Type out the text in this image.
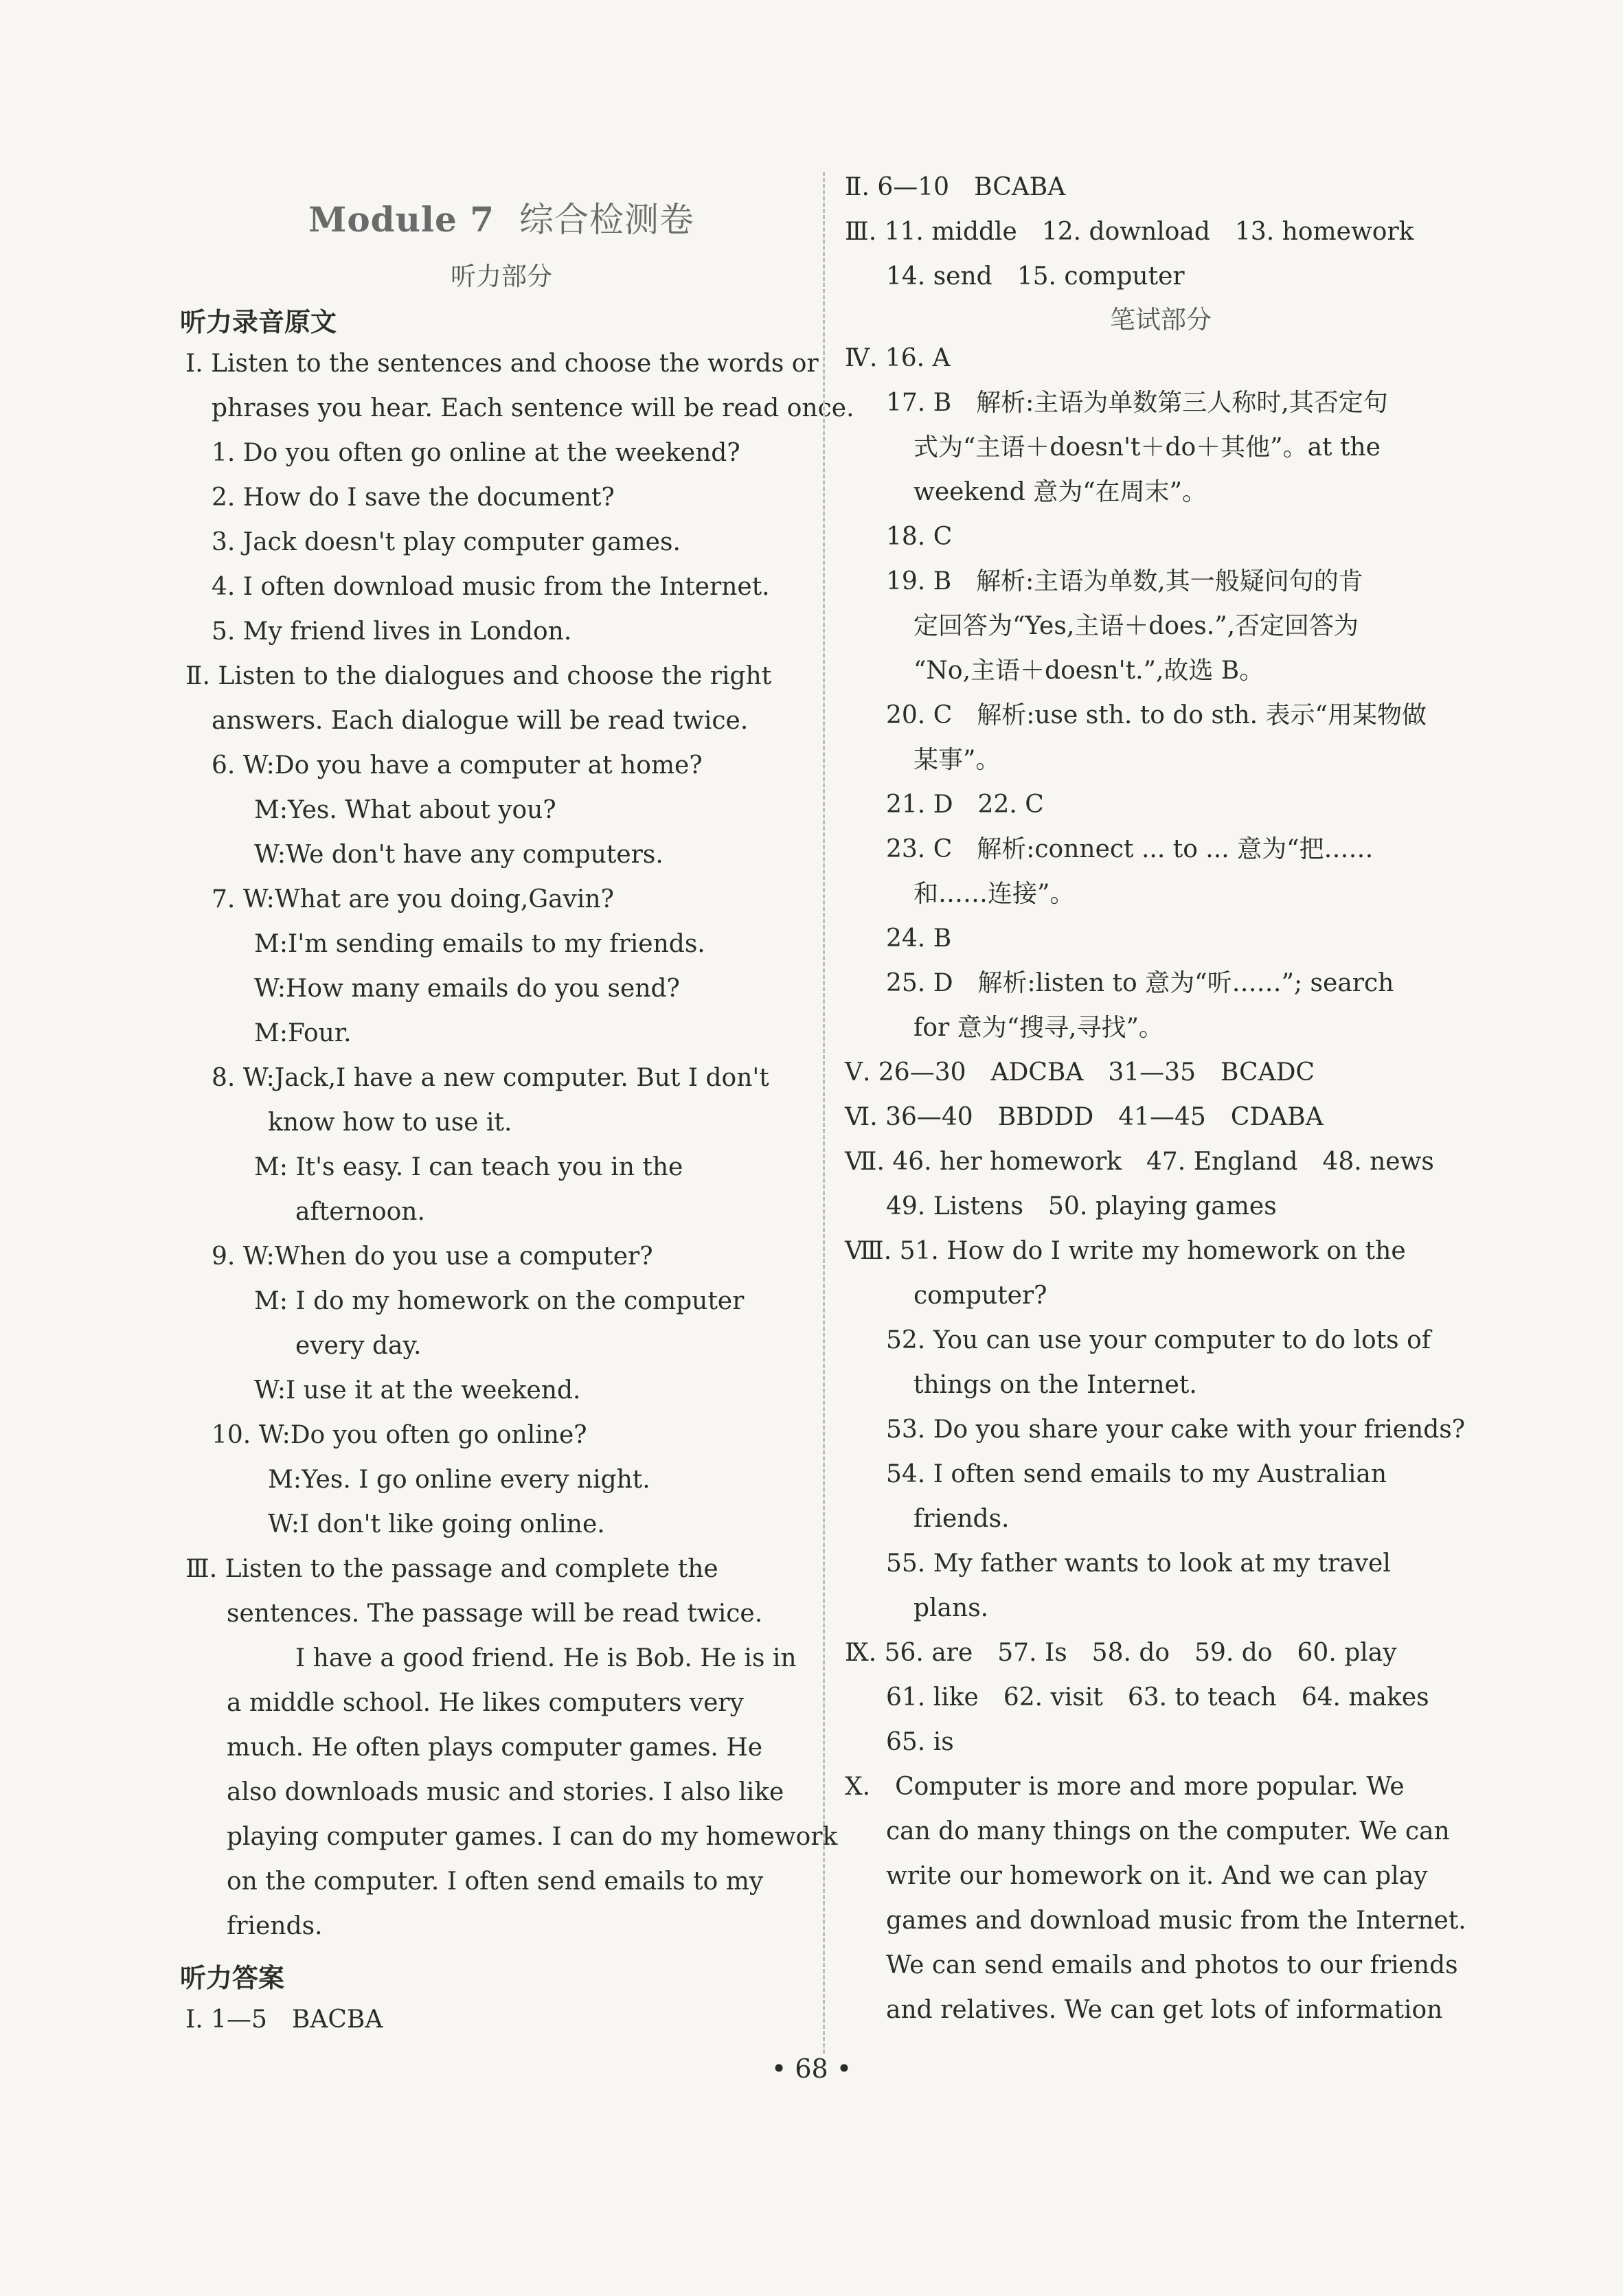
Module 7 综合检测卷
听力部分
听力录音原文
Ⅰ. Listen to the sentences and choose the words or
phrases you hear. Each sentence will be read once.
1. Do you often go online at the weekend?
2. How do I save the document?
3. Jack doesn't play computer games.
4. I often download music from the Internet.
5. My friend lives in London.
Ⅱ. Listen to the dialogues and choose the right
answers. Each dialogue will be read twice.
6. W:Do you have a computer at home?
M:Yes. What about you?
W:We don't have any computers.
7. W:What are you doing,Gavin?
M:I'm sending emails to my friends.
W:How many emails do you send?
M:Four.
8. W:Jack,I have a new computer. But I don't
know how to use it.
M: It's easy. I can teach you in the
afternoon.
9. W:When do you use a computer?
M: I do my homework on the computer
every day.
W:I use it at the weekend.
10. W:Do you often go online?
M:Yes. I go online every night.
W:I don't like going online.
Ⅲ. Listen to the passage and complete the
sentences. The passage will be read twice.
I have a good friend. He is Bob. He is in
a middle school. He likes computers very
much. He often plays computer games. He
also downloads music and stories. I also like
playing computer games. I can do my homework
on the computer. I often send emails to my
friends.
听力答案
Ⅰ. 1—5　BACBA
Ⅱ. 6—10　BCABA
Ⅲ. 11. middle　12. download　13. homework
14. send　15. computer
笔试部分
Ⅳ. 16. A
17. B　解析:主语为单数第三人称时,其否定句
式为“主语＋doesn't＋do＋其他”。at the
weekend 意为“在周末”。
18. C
19. B　解析:主语为单数,其一般疑问句的肯
定回答为“Yes,主语＋does.”,否定回答为
“No,主语＋doesn't.”,故选 B。
20. C　解析:use sth. to do sth. 表示“用某物做
某事”。
21. D　22. C
23. C　解析:connect ... to ... 意为“把……
和……连接”。
24. B
25. D　解析:listen to 意为“听……”; search
for 意为“搜寻,寻找”。
Ⅴ. 26—30　ADCBA　31—35　BCADC
Ⅵ. 36—40　BBDDD　41—45　CDABA
Ⅶ. 46. her homework　47. England　48. news
49. Listens　50. playing games
Ⅷ. 51. How do I write my homework on the
computer?
52. You can use your computer to do lots of
things on the Internet.
53. Do you share your cake with your friends?
54. I often send emails to my Australian
friends.
55. My father wants to look at my travel
plans.
Ⅸ. 56. are　57. Is　58. do　59. do　60. play
61. like　62. visit　63. to teach　64. makes
65. is
Ⅹ.　Computer is more and more popular. We
can do many things on the computer. We can
write our homework on it. And we can play
games and download music from the Internet.
We can send emails and photos to our friends
and relatives. We can get lots of information
• 68 •
